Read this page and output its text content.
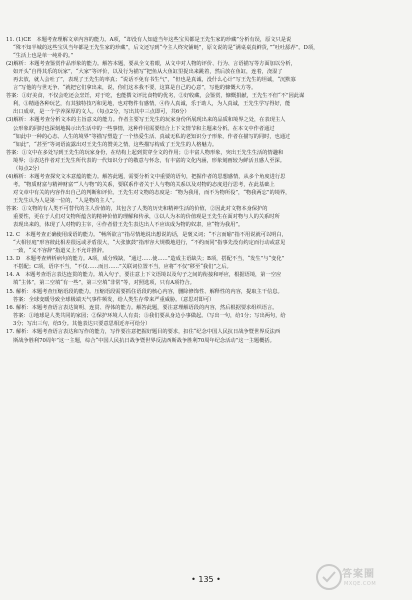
11. (1)CE　本题考查理解文章内容的能力。A项，“却没有人知道当年这些宝贝都是王先生家的珍藏”分析有误，原文只是说
“殊不知半城的这些宝贝当年都是王先生家的珍藏”，后文还写到“今主人终究铺蚝”，原文说的是“满桌桌真鲜货，”“吐吐舔荐”。D项，
“生活上也是单一纯朴的。”
(2)解析：本题考查鉴赏作品形象的能力。解答本题，要从全文着眼，从文中对人物的评价、行为、言语描写等方面加以分析，
如开头“自得其乐的玩家”，“大家”等评价，以及行为描写“把鱼从大鱼缸里捉出来跳着，然后放在鱼缸，连着，浇湿了
再去放，就人会吐了”，表现了王先生的率真；“说话不免有书生气”，“但也是真诚，没什么心计”写王先生的坦诚，“沉默寡
言”写他的与世无争、“就把它们拿出来，说，你们这本我不要，这算是自己的心意”，写他的慷慨大方等。
答案：①好美食，不仅会吃还会烹饪，对于吃，也能撰文评比食物的优劣，②好收藏，会鉴赏，慷慨捐献，王先生不但“不”因此谋
利，③精通各种玩艺，有其独特技巧和见地，也对物件有感情，④待人真诚，乐于助人，为人真诚，王先生学写得好，能
出口成章，是一个学养深厚的文人。（每点2分，写出其中三点即可，共6分）
(3)解析：本题考查分析文本的主旨意义的能力。作者主要写王先生的玩家身份所展现出来的品质和境界之处，在表现主人
公形象的同时也深刻地揭示出生活中的一些事情，这种作用需要结合上下文情节和主题来分析。在本文中作者通过
“如此中一种的心态、人生的境界”等描写塑造了一个热爱生活、真诚无私的老知识分子形象，作者在描写的同时，也通过
“如此”，“甚至”等词语流露出对王先生的赞美之情，这些描写构成了王先生的人格魅力。
答案：①文中在多处写到王先生的玩家身份，在结构上起到贯穿全文的作用；②丰富人物形象，突出王先生生活的情趣和
境界；③表达作者对王先生所代表的一代知识分子的敬意与怀念，有丰富的文化内涵，形象刻画较为鲜活且感人至深。
（每点2分）
(4)解析：本题考查探究文本意蕴的能力。解答此题，需要分析文中重要的语句，把握作者的思想感情，从多个角度进行思
考。“物质财富与精神财富”“人与物”的关系，要联系作者关于人与物的关系以及对物的态度进行思考，在此基础上
对文章中有关的内容作出自己的判断和评价。王先生对文物的态度是：“物为我用，而不为物所役”，“物我两忘”的境界，
王先生认为人是第一位的，“人是物的主人”。
答案：①文物的有人类不可替代的主人价值的，其包含了人类的历史和精神生活的价值，②因此对文物本身保护的
重要性，更在于人们对文物所蕴含的精神价值的理解和传承，③以人为本的价值观是王先生在面对物与人的关系时所
表现出来的，体现了人对物的主宰，④作者借王先生表达出人不应该成为物的奴隶，应“物为我用”。
12. C　本题考查正确使用成语的能力。“畅所欲言”指尽情地说出想说的话，是褒义词；“不言而喻”指不用说就可以明白，
“大相径庭”形容彼此相差很远或矛盾很大，“大张旗鼓”指形容大规模地进行，“不约而同”指事先没有约定而行动或意见
一致，“义不容辞”指道义上不允许推辞。
13. D　本题考查辨析病句的能力。A项，成分残缺，“通过……使……”造成主语缺失；B项，搭配不当，“发生”与“变化”
不搭配；C项，语序不当，“不仅……而且……”关联词位置不当，应将“不仅”移至“我们”之后。
14. A　本题考查语言表达连贯的能力。填入句子，要注意上下文语境以及句子之间的衔接和呼应，根据语境，第一空应
填“主体”，第二空填“有一些”，第三空填“非常”等，对照选项，只有A项符合。
15. 解析：本题考查压缩语段的能力。压缩语段需要抓住语段的核心内容，删除修饰性、解释性的内容，提取主干信息。
答案：全球变暖导致全球极端天气事件频发，给人类生存带来严重威胁。（意思对即可）
16. 解析：本题考查语言表达简明、连贯、得体的能力。解答此题，要注意理解语段的内容，然后根据要求组织语言。
答案：①地球是人类共同的家园；②保护环境人人有责；③我们要从身边小事做起。（写出一句，给1分；写出两句，给
3分；写出三句，给5分。其他表达只要意思相近亦可给分）
17. 解析：本题考查语言表达和写作的能力，写作要注意把握好题目的要求，扣住“纪念中国人民抗日战争暨世界反法西
斯战争胜利70周年”这一主题，综合“中国人民抗日战争暨世界反法西斯战争胜利70周年纪念活动”这一主题概括。
• 135 •	答案圈
MXQE.COM
